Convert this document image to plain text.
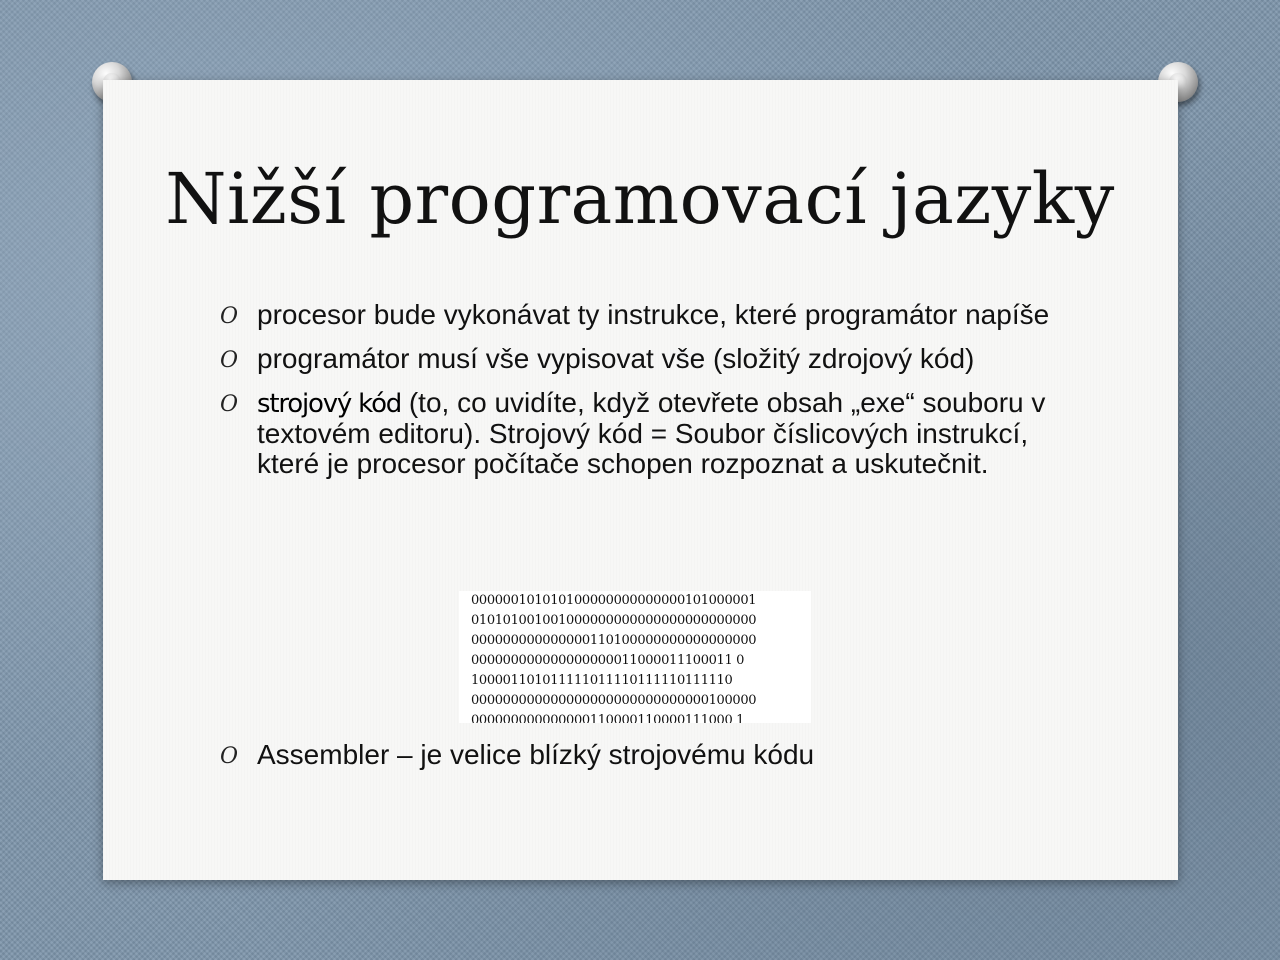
Nižší programovací jazyky
O procesor bude vykonávat ty instrukce, které programátor napíše
O programátor musí vše vypisovat vše (složitý zdrojový kód)
O strojový kód (to, co uvidíte, když otevřete obsah „exe“ souboru v textovém editoru). Strojový kód = Soubor číslicových instrukcí, které je procesor počítače schopen rozpoznat a uskutečnit.
000000101010100000000000000101000001
010101001001000000000000000000000000
000000000000000110100000000000000000
000000000000000000011000011100011 0
100001101011111011110111110111110
000000000000000000000000000000100000
000000000000000110000110000111000 1
O Assembler – je velice blízký strojovému kódu
